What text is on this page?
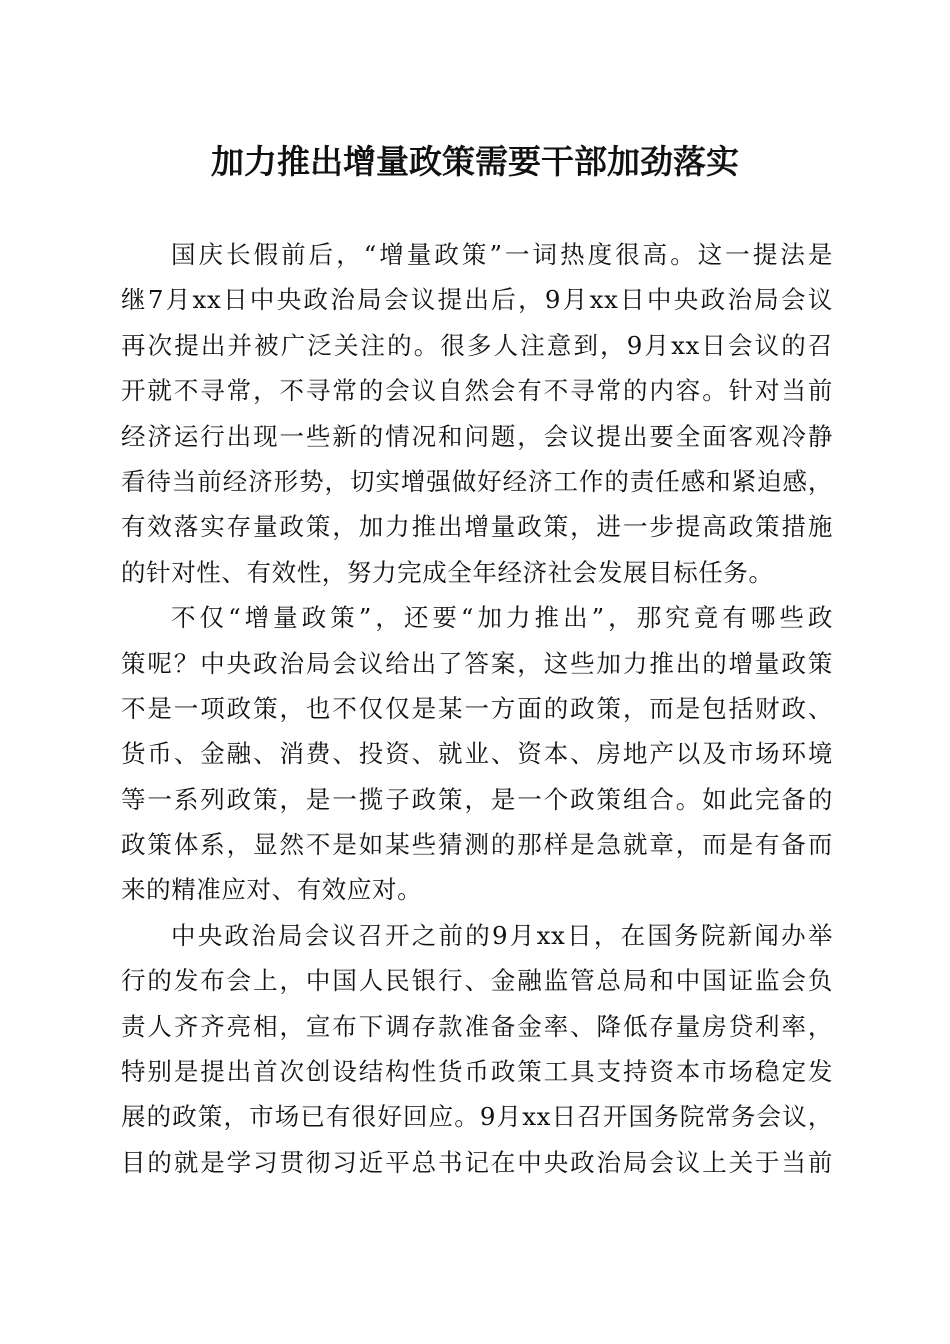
加力推出增量政策需要干部加劲落实
国庆长假前后，“增量政策”一词热度很高。这一提法是
继7月xx日中央政治局会议提出后，9月xx日中央政治局会议
再次提出并被广泛关注的。很多人注意到，9月xx日会议的召
开就不寻常，不寻常的会议自然会有不寻常的内容。针对当前
经济运行出现一些新的情况和问题，会议提出要全面客观冷静
看待当前经济形势，切实增强做好经济工作的责任感和紧迫感，
有效落实存量政策，加力推出增量政策，进一步提高政策措施
的针对性、有效性，努力完成全年经济社会发展目标任务。
不仅“增量政策”，还要“加力推出”，那究竟有哪些政
策呢？中央政治局会议给出了答案，这些加力推出的增量政策
不是一项政策，也不仅仅是某一方面的政策，而是包括财政、
货币、金融、消费、投资、就业、资本、房地产以及市场环境
等一系列政策，是一揽子政策，是一个政策组合。如此完备的
政策体系，显然不是如某些猜测的那样是急就章，而是有备而
来的精准应对、有效应对。
中央政治局会议召开之前的9月xx日，在国务院新闻办举
行的发布会上，中国人民银行、金融监管总局和中国证监会负
责人齐齐亮相，宣布下调存款准备金率、降低存量房贷利率，
特别是提出首次创设结构性货币政策工具支持资本市场稳定发
展的政策，市场已有很好回应。9月xx日召开国务院常务会议，
目的就是学习贯彻习近平总书记在中央政治局会议上关于当前
